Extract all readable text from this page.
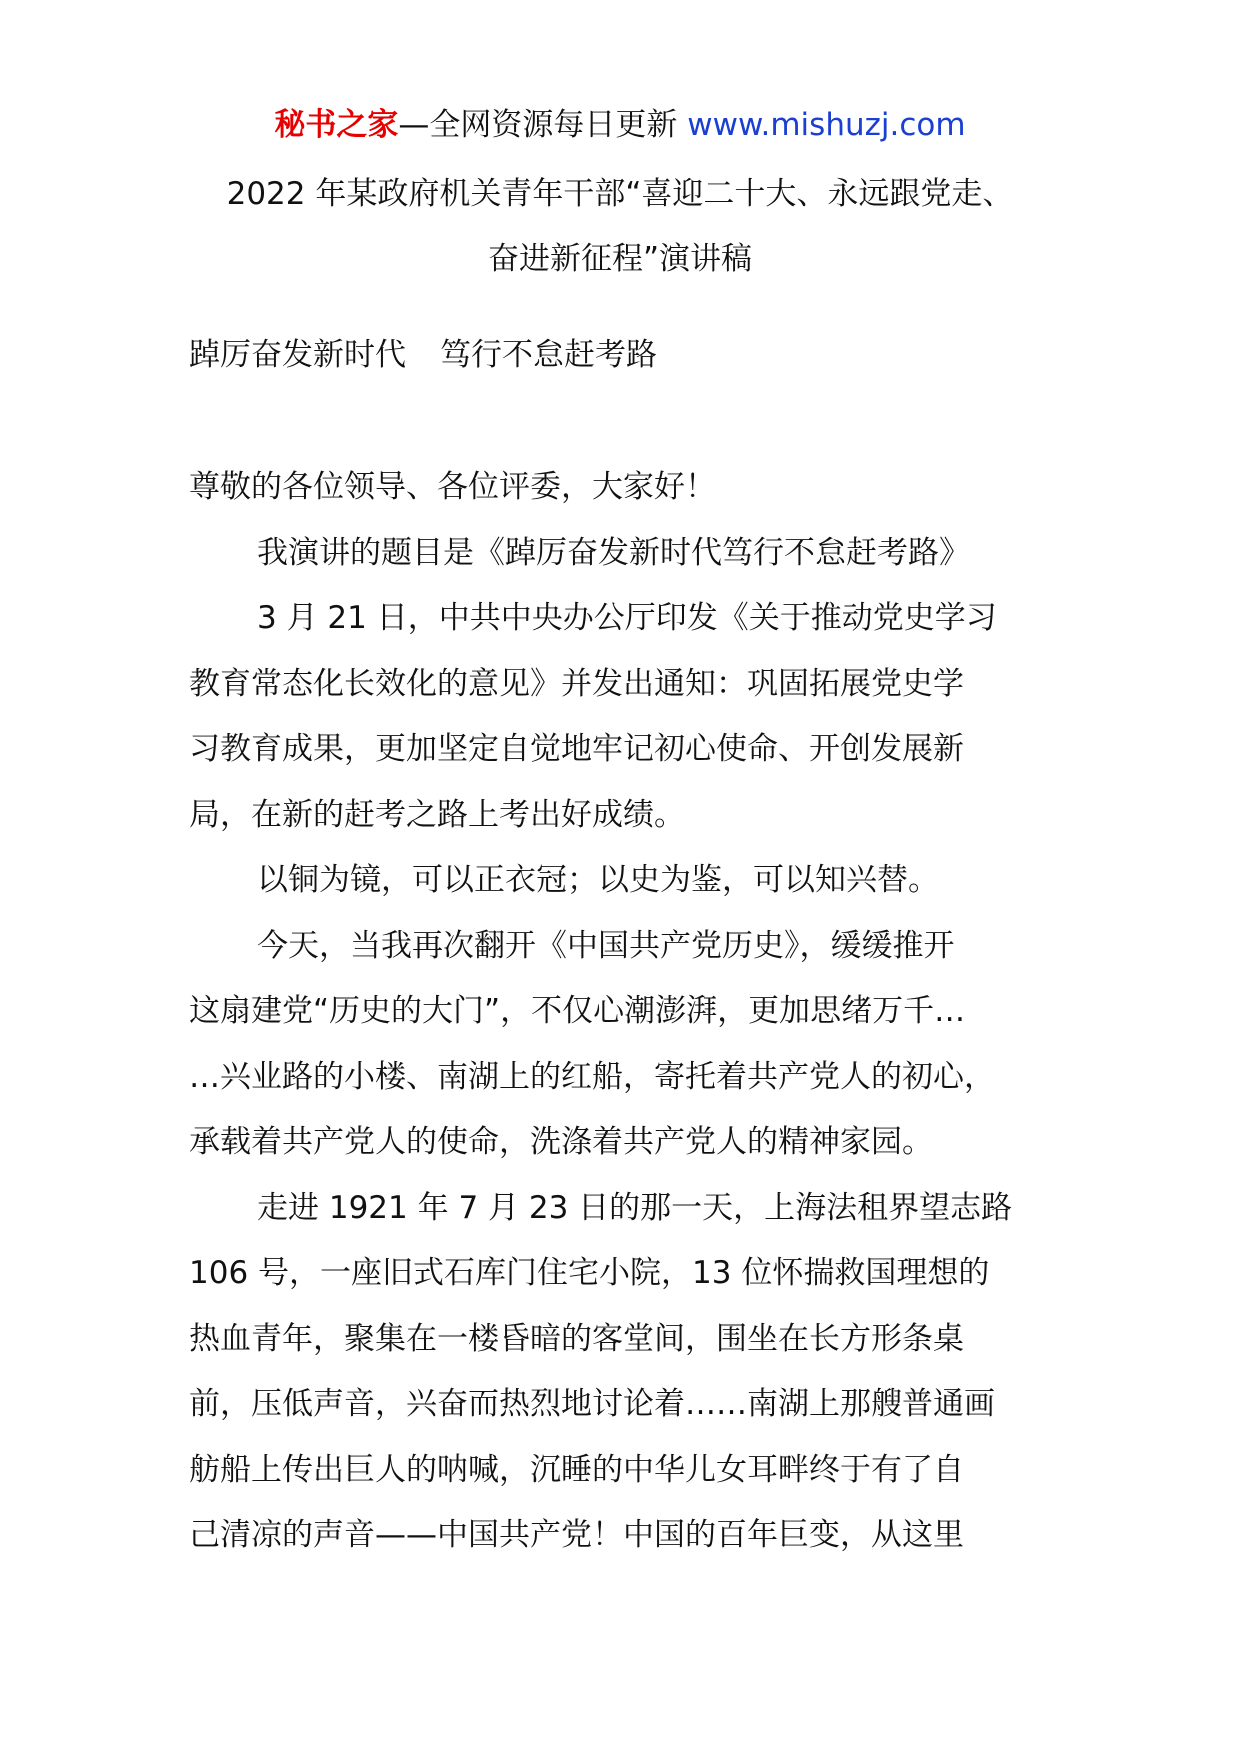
秘书之家—全网资源每日更新 www.mishuzj.com
2022 年某政府机关青年干部“喜迎二十大、永远跟党走、
奋进新征程”演讲稿
踔厉奋发新时代 笃行不怠赶考路

尊敬的各位领导、各位评委，大家好！

我演讲的题目是《踔厉奋发新时代笃行不怠赶考路》

3 月 21 日，中共中央办公厅印发《关于推动党史学习
教育常态化长效化的意见》并发出通知：巩固拓展党史学
习教育成果，更加坚定自觉地牢记初心使命、开创发展新
局，在新的赶考之路上考出好成绩。

以铜为镜，可以正衣冠；以史为鉴，可以知兴替。

今天，当我再次翻开《中国共产党历史》，缓缓推开
这扇建党“历史的大门”，不仅心潮澎湃，更加思绪万千…
…兴业路的小楼、南湖上的红船，寄托着共产党人的初心，
承载着共产党人的使命，洗涤着共产党人的精神家园。

走进 1921 年 7 月 23 日的那一天，上海法租界望志路
106 号，一座旧式石库门住宅小院，13 位怀揣救国理想的
热血青年，聚集在一楼昏暗的客堂间，围坐在长方形条桌
前，压低声音，兴奋而热烈地讨论着……南湖上那艘普通画
舫船上传出巨人的呐喊，沉睡的中华儿女耳畔终于有了自
己清凉的声音——中国共产党！中国的百年巨变，从这里
